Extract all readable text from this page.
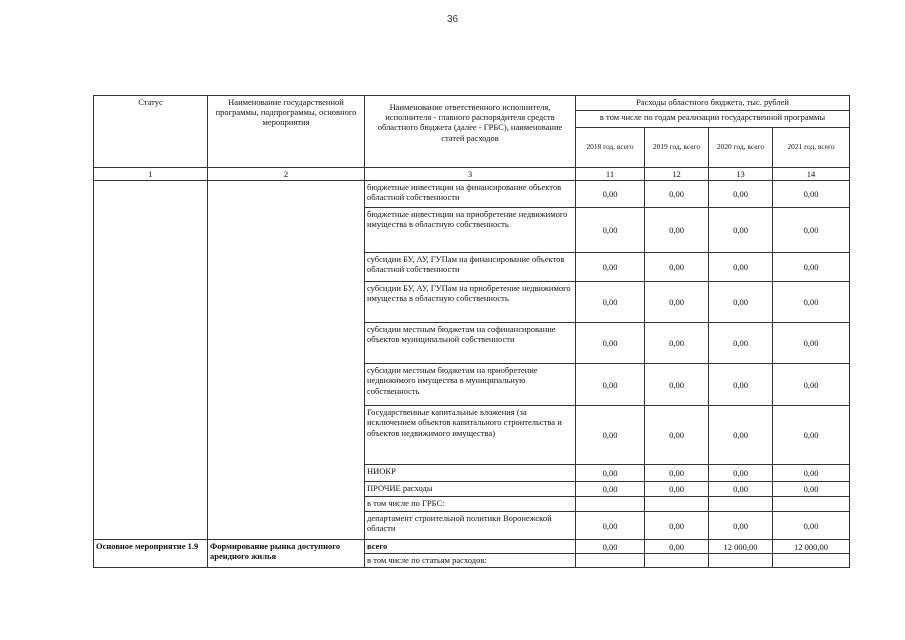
36
Статус	Наименование государственной программы, подпрограммы, основного мероприятия	Наименование ответственного исполнителя, исполнителя - главного распорядителя средств областного бюджета (далее - ГРБС), наименование статей расходов	Расходы областного бюджета, тыс. рублей			
			в том числе по годам реализации государственной программы			
			2018 год, всего	2019 год, всего	2020 год, всего	2021 год, всего
1	2	3	11	12	13	14
		бюджетные инвестиции на финансирование объектов областной собственности	0,00	0,00	0,00	0,00
		бюджетные инвестиции на приобретение недвижимого имущества в областную собственность	0,00	0,00	0,00	0,00
		субсидии БУ, АУ, ГУПам на финансирование объектов областной собственности	0,00	0,00	0,00	0,00
		субсидии БУ, АУ, ГУПам на приобретение недвижимого имущества в областную собственность	0,00	0,00	0,00	0,00
		субсидии местным бюджетам на софинансирование объектов муниципальной собственности	0,00	0,00	0,00	0,00
		субсидии местным бюджетам на приобретение недвижимого имущества в муниципальную собственность	0,00	0,00	0,00	0,00
		Государственные капитальные вложения (за исключением объектов капитального строительства и объектов недвижимого имущества)	0,00	0,00	0,00	0,00
		НИОКР	0,00	0,00	0,00	0,00
		ПРОЧИЕ расходы	0,00	0,00	0,00	0,00
		в том числе по ГРБС:				
		департамент строительной политики Воронежской области	0,00	0,00	0,00	0,00
Основное мероприятие 1.9	Формирование рынка доступного арендного жилья	всего	0,00	0,00	12 000,00	12 000,00
		в том числе по статьям расходов:				
